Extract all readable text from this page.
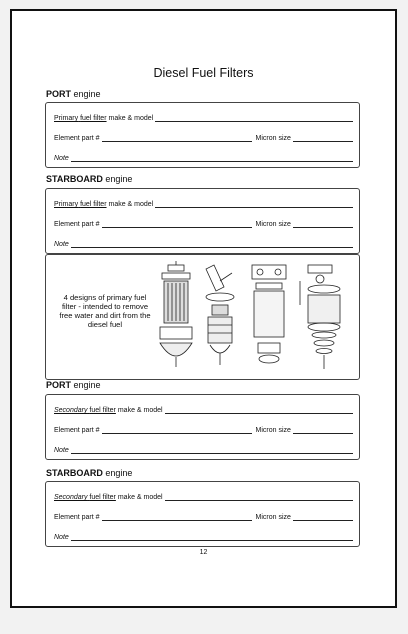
Diesel Fuel Filters
PORT engine
Primary fuel filter make & model
Element part #	Micron size
Note
STARBOARD engine
Primary fuel filter make & model
Element part #	Micron size
Note
4 designs of primary fuel filter - intended to remove free water and dirt from the diesel fuel
PORT engine
Secondary fuel filter make & model
Element part #	Micron size
Note
STARBOARD engine
Secondary fuel filter make & model
Element part #	Micron size
Note
12
